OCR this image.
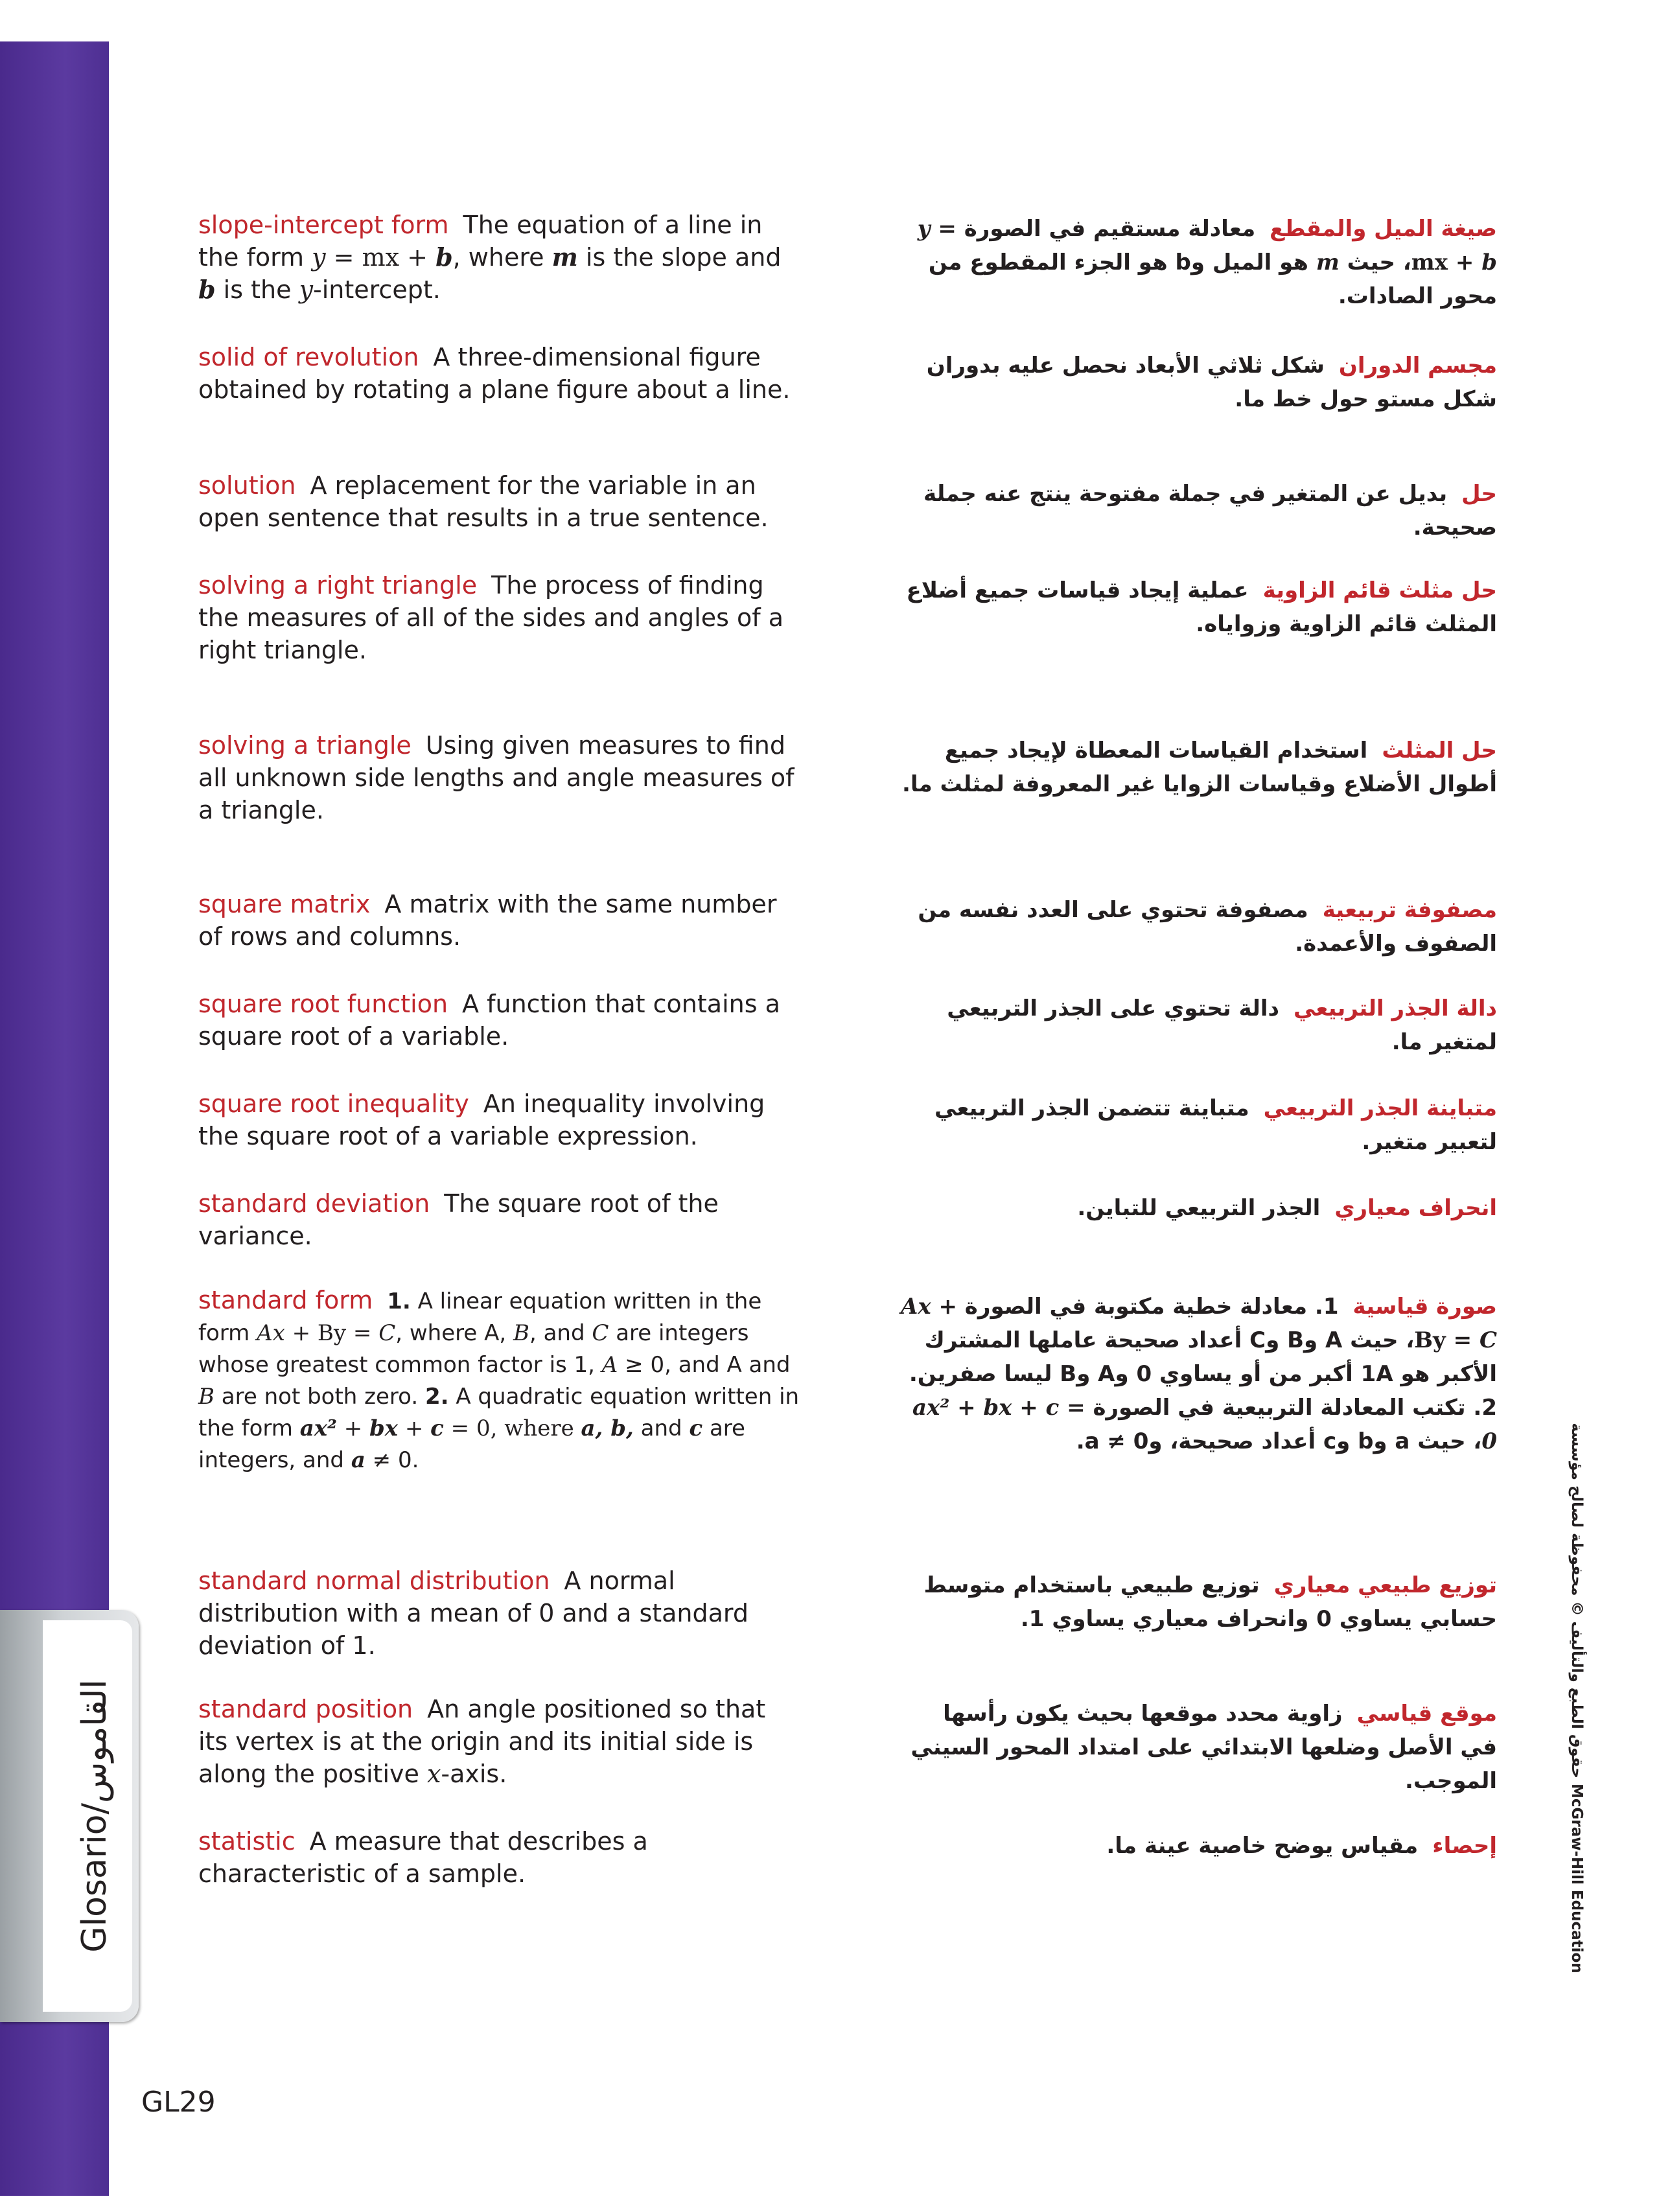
Glosario/القاموس
GL29
حقوق الطبع والتأليف © محفوظة لصالح مؤسسة McGraw-Hill Education
slope-intercept form The equation of a line in the form y = mx + b, where m is the slope and b is the y-intercept.
صيغة الميل والمقطعمعادلة مستقيم في الصورة y = mx + b، حيث m هو الميل وb هو الجزء المقطوع من محور الصادات.
solid of revolution A three-dimensional figure obtained by rotating a plane figure about a line.
مجسم الدورانشكل ثلاثي الأبعاد نحصل عليه بدوران شكل مستو حول خط ما.
solution A replacement for the variable in an open sentence that results in a true sentence.
حلبديل عن المتغير في جملة مفتوحة ينتج عنه جملة صحيحة.
solving a right triangle The process of finding the measures of all of the sides and angles of a right triangle.
حل مثلث قائم الزاويةعملية إيجاد قياسات جميع أضلاع المثلث قائم الزاوية وزواياه.
solving a triangle Using given measures to find all unknown side lengths and angle measures of a triangle.
حل المثلثاستخدام القياسات المعطاة لإيجاد جميع أطوال الأضلاع وقياسات الزوايا غير المعروفة لمثلث ما.
square matrix A matrix with the same number of rows and columns.
مصفوفة تربيعيةمصفوفة تحتوي على العدد نفسه من الصفوف والأعمدة.
square root function A function that contains a square root of a variable.
دالة الجذر التربيعيدالة تحتوي على الجذر التربيعي لمتغير ما.
square root inequality An inequality involving the square root of a variable expression.
متباينة الجذر التربيعيمتباينة تتضمن الجذر التربيعي لتعبير متغير.
standard deviation The square root of the variance.
انحراف معياريالجذر التربيعي للتباين.
standard form 1. A linear equation written in the form Ax + By = C, where A, B, and C are integers whose greatest common factor is 1, A ≥ 0, and A and B are not both zero. 2. A quadratic equation written in the form ax² + bx + c = 0, where a, b, and c are integers, and a ≠ 0.
صورة قياسية1. معادلة خطية مكتوبة في الصورة Ax + By = C، حيث A وB وC أعداد صحيحة عاملها المشترك الأكبر هو 1A أكبر من أو يساوي 0 وA وB ليسا صفرين. 2. تكتب المعادلة التربيعية في الصورة ax² + bx + c = 0، حيث a وb وc أعداد صحيحة، وa ≠ 0.
standard normal distribution A normal distribution with a mean of 0 and a standard deviation of 1.
توزيع طبيعي معياريتوزيع طبيعي باستخدام متوسط حسابي يساوي 0 وانحراف معياري يساوي 1.
standard position An angle positioned so that its vertex is at the origin and its initial side is along the positive x-axis.
موقع قياسيزاوية محدد موقعها بحيث يكون رأسها في الأصل وضلعها الابتدائي على امتداد المحور السيني الموجب.
statistic A measure that describes a characteristic of a sample.
إحصاءمقياس يوضح خاصية عينة ما.
